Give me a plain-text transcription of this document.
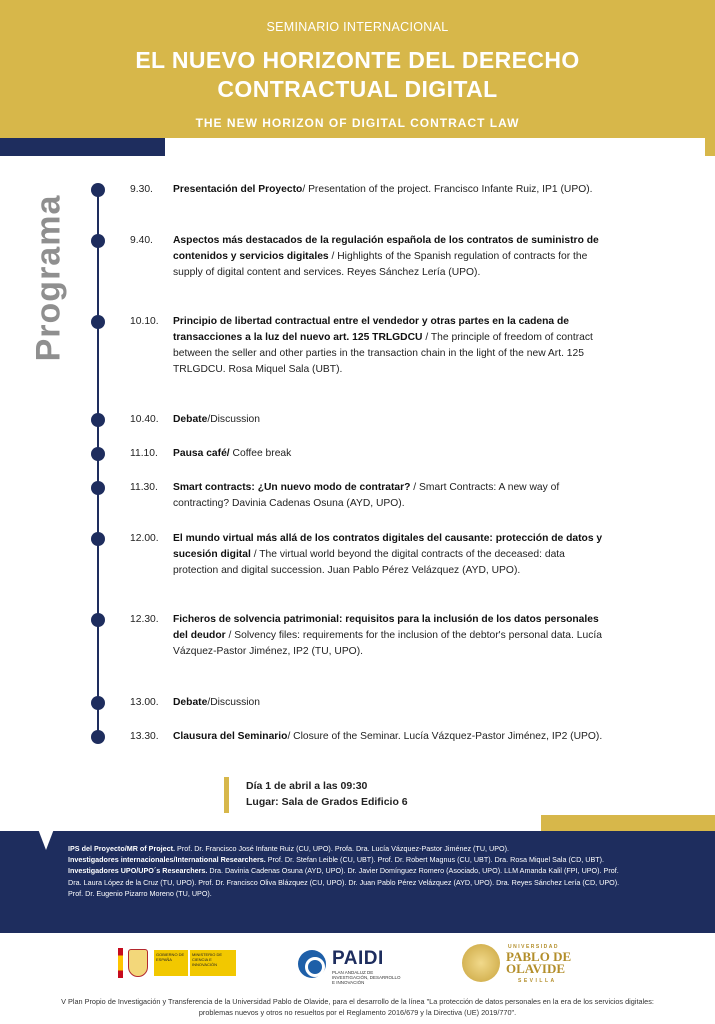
SEMINARIO INTERNACIONAL
EL NUEVO HORIZONTE DEL DERECHO
CONTRACTUAL DIGITAL
THE NEW HORIZON OF DIGITAL CONTRACT LAW
Programa
9.30.	Presentación del Proyecto/ Presentation of the project. Francisco Infante Ruiz, IP1 (UPO).
9.40.	Aspectos más destacados de la regulación española de los contratos de suministro de contenidos y servicios digitales / Highlights of the Spanish regulation of contracts for the supply of digital content and services. Reyes Sánchez Lería (UPO).
10.10.	Principio de libertad contractual entre el vendedor y otras partes en la cadena de transacciones a la luz del nuevo art. 125 TRLGDCU / The principle of freedom of contract between the seller and other parties in the transaction chain in the light of the new Art. 125 TRLGDCU. Rosa Miquel Sala (UBT).
10.40.	Debate/Discussion
11.10.	Pausa café/ Coffee break
11.30.	Smart contracts: ¿Un nuevo modo de contratar? / Smart Contracts: A new way of contracting? Davinia Cadenas Osuna (AYD, UPO).
12.00.	El mundo virtual más allá de los contratos digitales del causante: protección de datos y sucesión digital / The virtual world beyond the digital contracts of the deceased: data protection and digital succession. Juan Pablo Pérez Velázquez (AYD, UPO).
12.30.	Ficheros de solvencia patrimonial: requisitos para la inclusión de los datos personales del deudor / Solvency files: requirements for the inclusion of the debtor's personal data. Lucía Vázquez-Pastor Jiménez, IP2 (TU, UPO).
13.00.	Debate/Discussion
13.30.	Clausura del Seminario/ Closure of the Seminar. Lucía Vázquez-Pastor Jiménez, IP2 (UPO).
Día 1 de abril a las 09:30
Lugar: Sala de Grados Edificio 6
IPS del Proyecto/MR of Project. Prof. Dr. Francisco José Infante Ruiz (CU, UPO). Profa. Dra. Lucía Vázquez-Pastor Jiménez (TU, UPO).
Investigadores internacionales/International Researchers. Prof. Dr. Stefan Leible (CU, UBT). Prof. Dr. Robert Magnus (CU, UBT). Dra. Rosa Miquel Sala (CD, UBT).
Investigadores UPO/UPO´s Researchers. Dra. Davinia Cadenas Osuna (AYD, UPO). Dr. Javier Domínguez Romero (Asociado, UPO). LLM Amanda Kalil (FPI, UPO). Prof. Dra. Laura López de la Cruz (TU, UPO). Prof. Dr. Francisco Oliva Blázquez (CU, UPO). Dr. Juan Pablo Pérez Velázquez (AYD, UPO). Dra. Reyes Sánchez Lería (CD, UPO). Prof. Dr. Eugenio Pizarro Moreno (TU, UPO).
GOBIERNO DE ESPAÑA
MINISTERIO DE CIENCIA E INNOVACIÓN	PAIDI
PLAN ANDALUZ DE INVESTIGACIÓN, DESARROLLO E INNOVACIÓN
UNIVERSIDAD
PABLO DE
OLAVIDE
SEVILLA
V Plan Propio de Investigación y Transferencia de la Universidad Pablo de Olavide, para el desarrollo de la línea "La protección de datos personales en la era de los servicios digitales: problemas nuevos y otros no resueltos por el Reglamento 2016/679 y la Directiva (UE) 2019/770".
